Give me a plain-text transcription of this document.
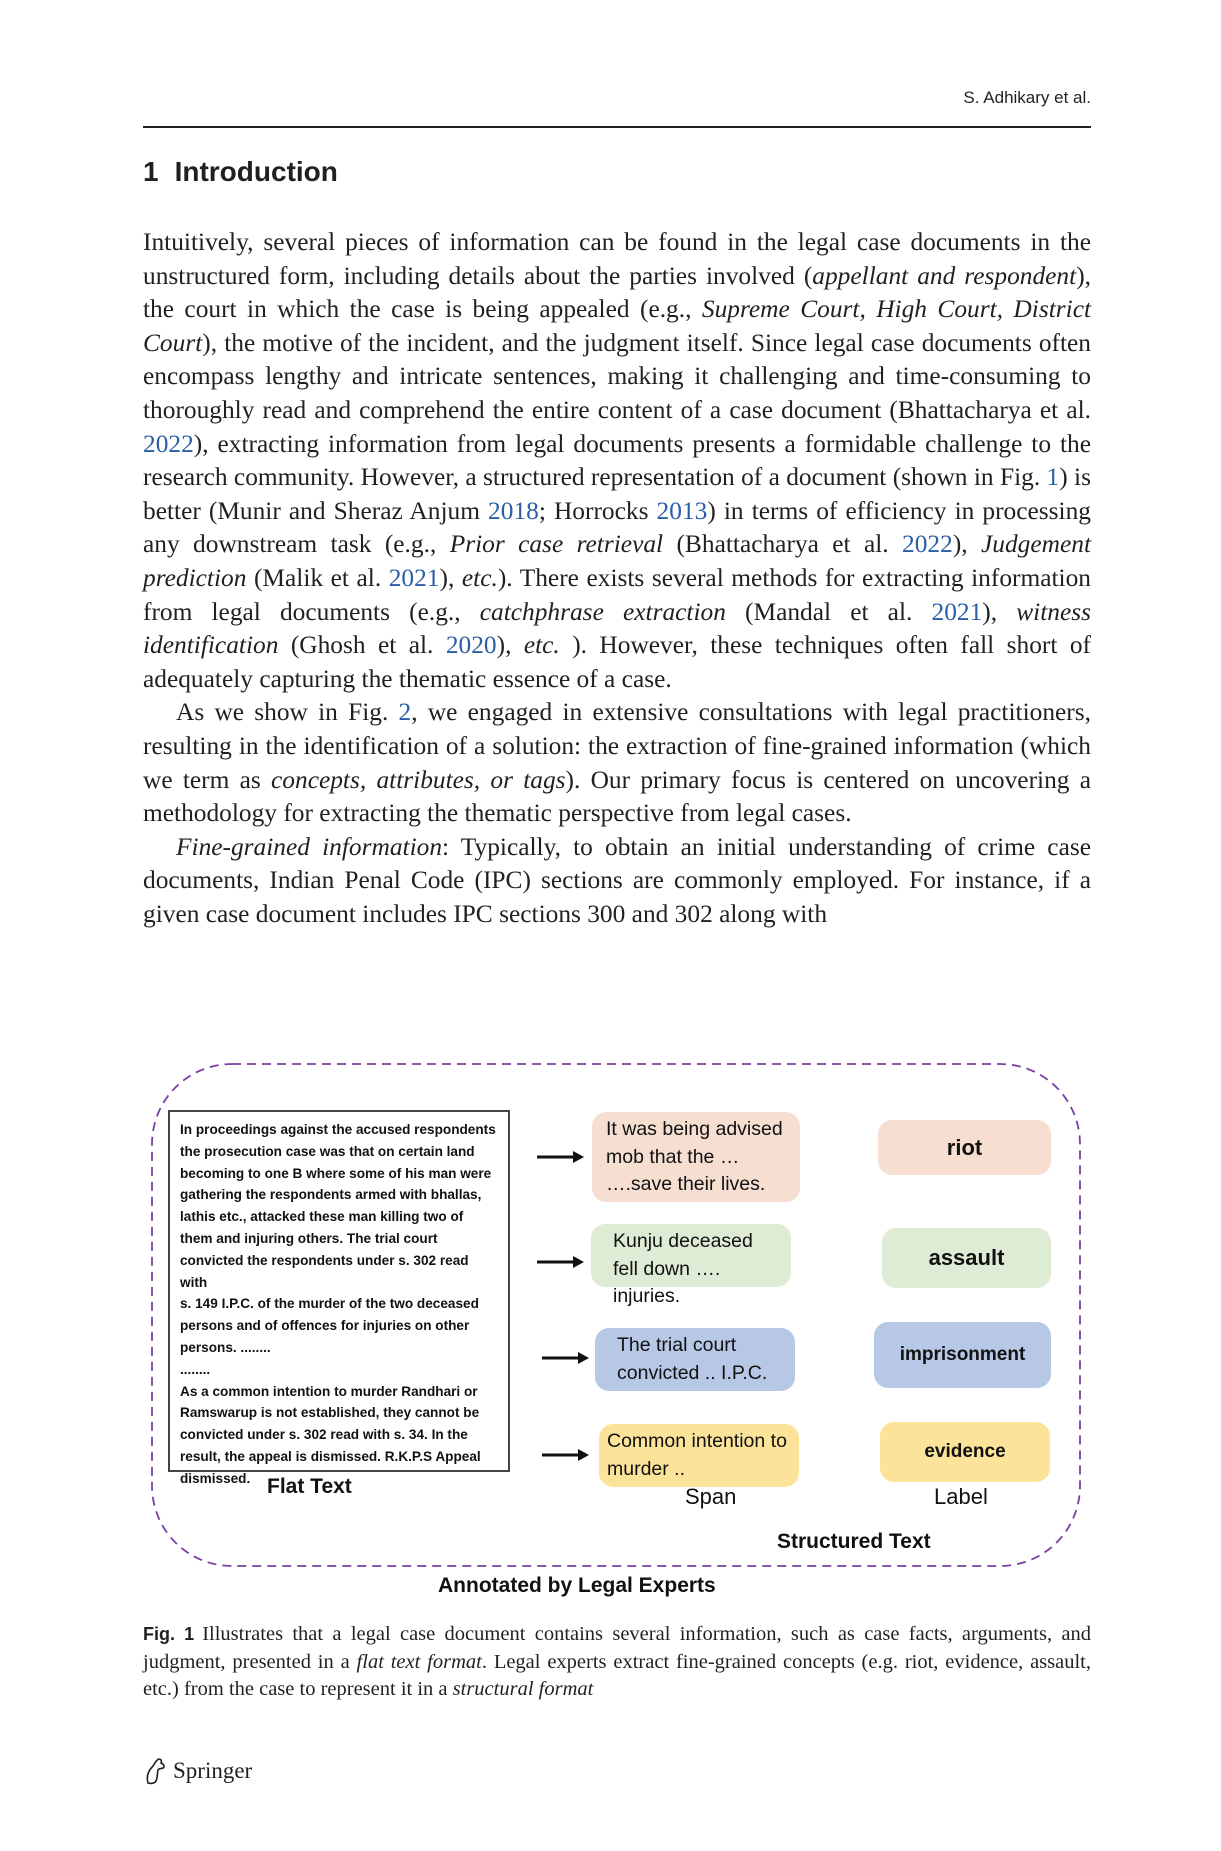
S. Adhikary et al.
1 Introduction

Intuitively, several pieces of information can be found in the legal case documents in the unstructured form, including details about the parties involved (appellant and respondent), the court in which the case is being appealed (e.g., Supreme Court, High Court, District Court), the motive of the incident, and the judgment itself. Since legal case documents often encompass lengthy and intricate sentences, making it challenging and time-consuming to thoroughly read and comprehend the entire content of a case document (Bhattacharya et al. 2022), extracting information from legal documents presents a formidable challenge to the research community. However, a structured representation of a document (shown in Fig. 1) is better (Munir and Sheraz Anjum 2018; Horrocks 2013) in terms of efficiency in processing any downstream task (e.g., Prior case retrieval (Bhattacharya et al. 2022), Judgement prediction (Malik et al. 2021), etc.). There exists several methods for extracting information from legal documents (e.g., catchphrase extraction (Mandal et al. 2021), witness identification (Ghosh et al. 2020), etc. ). However, these techniques often fall short of adequately capturing the thematic essence of a case.

As we show in Fig. 2, we engaged in extensive consultations with legal practitioners, resulting in the identification of a solution: the extraction of fine-grained information (which we term as concepts, attributes, or tags). Our primary focus is centered on uncovering a methodology for extracting the thematic perspective from legal cases.

Fine-grained information: Typically, to obtain an initial understanding of crime case documents, Indian Penal Code (IPC) sections are commonly employed. For instance, if a given case document includes IPC sections 300 and 302 along with

In proceedings against the accused respondents

the prosecution case was that on certain land

becoming to one B where some of his man were

gathering the respondents armed with bhallas,

lathis etc., attacked these man killing two of

them and injuring others. The trial court

convicted the respondents under s. 302 read with

s. 149 I.P.C. of the murder of the two deceased

persons and of offences for injuries on other

persons. ........

........

As a common intention to murder Randhari or

Ramswarup is not established, they cannot be

convicted under s. 302 read with s. 34. In the

result, the appeal is dismissed. R.K.P.S Appeal

dismissed. Flat Text
It was being advised mob that the … ….save their lives.
Kunju deceased fell down …. injuries.
The trial court convicted .. I.P.C.
Common intention to murder ..
riot
assault
imprisonment
evidence
Span	Label
Structured Text
Annotated by Legal Experts
Fig. 1 Illustrates that a legal case document contains several information, such as case facts, arguments, and judgment, presented in a flat text format. Legal experts extract fine-grained concepts (e.g. riot, evidence, assault, etc.) from the case to represent it in a structural format
Springer
